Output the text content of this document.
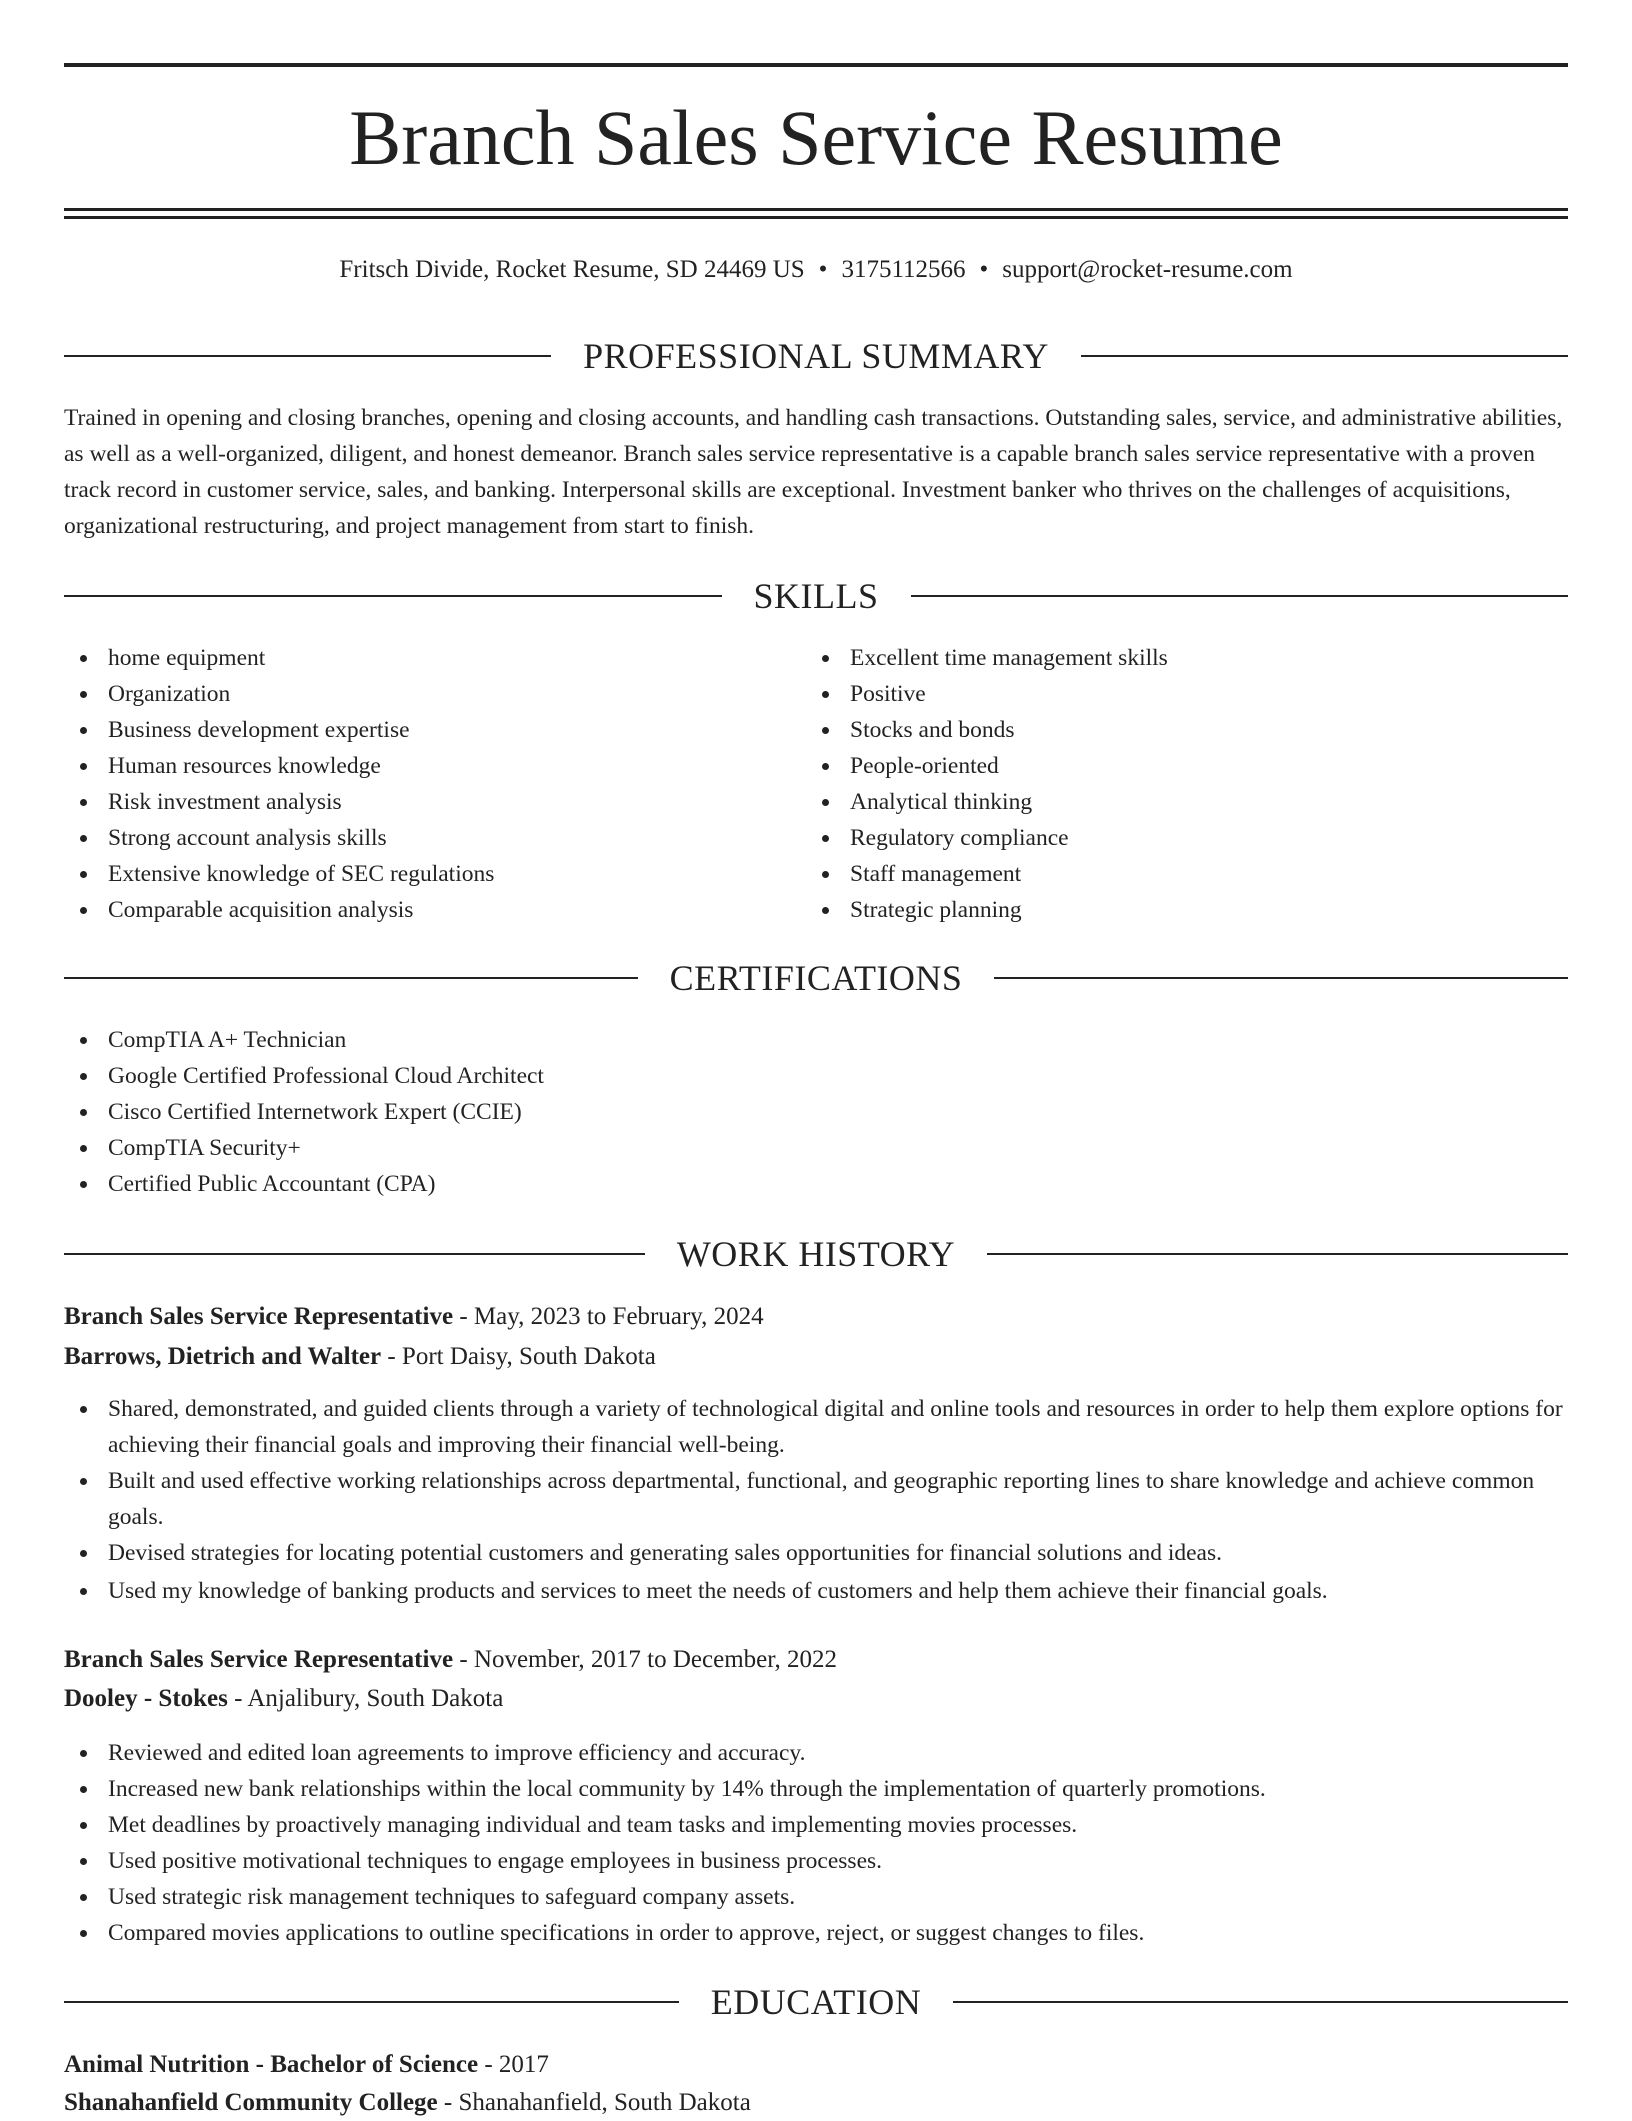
Branch Sales Service Resume
Fritsch Divide, Rocket Resume, SD 24469 US • 3175112566 • support@rocket-resume.com
PROFESSIONAL SUMMARY

Trained in opening and closing branches, opening and closing accounts, and handling cash transactions. Outstanding sales, service, and administrative abilities, as well as a well-organized, diligent, and honest demeanor. Branch sales service representative is a capable branch sales service representative with a proven track record in customer service, sales, and banking. Interpersonal skills are exceptional. Investment banker who thrives on the challenges of acquisitions, organizational restructuring, and project management from start to finish.

SKILLS
home equipment
Organization
Business development expertise
Human resources knowledge
Risk investment analysis
Strong account analysis skills
Extensive knowledge of SEC regulations
Comparable acquisition analysis
Excellent time management skills
Positive
Stocks and bonds
People-oriented
Analytical thinking
Regulatory compliance
Staff management
Strategic planning
CERTIFICATIONS
CompTIA A+ Technician
Google Certified Professional Cloud Architect
Cisco Certified Internetwork Expert (CCIE)
CompTIA Security+
Certified Public Accountant (CPA)
WORK HISTORY
Branch Sales Service Representative - May, 2023 to February, 2024
Barrows, Dietrich and Walter - Port Daisy, South Dakota
Shared, demonstrated, and guided clients through a variety of technological digital and online tools and resources in order to help them explore options for achieving their financial goals and improving their financial well-being.
Built and used effective working relationships across departmental, functional, and geographic reporting lines to share knowledge and achieve common goals.
Devised strategies for locating potential customers and generating sales opportunities for financial solutions and ideas.
Used my knowledge of banking products and services to meet the needs of customers and help them achieve their financial goals.
Branch Sales Service Representative - November, 2017 to December, 2022
Dooley - Stokes - Anjalibury, South Dakota
Reviewed and edited loan agreements to improve efficiency and accuracy.
Increased new bank relationships within the local community by 14% through the implementation of quarterly promotions.
Met deadlines by proactively managing individual and team tasks and implementing movies processes.
Used positive motivational techniques to engage employees in business processes.
Used strategic risk management techniques to safeguard company assets.
Compared movies applications to outline specifications in order to approve, reject, or suggest changes to files.
EDUCATION
Animal Nutrition - Bachelor of Science - 2017
Shanahanfield Community College - Shanahanfield, South Dakota
